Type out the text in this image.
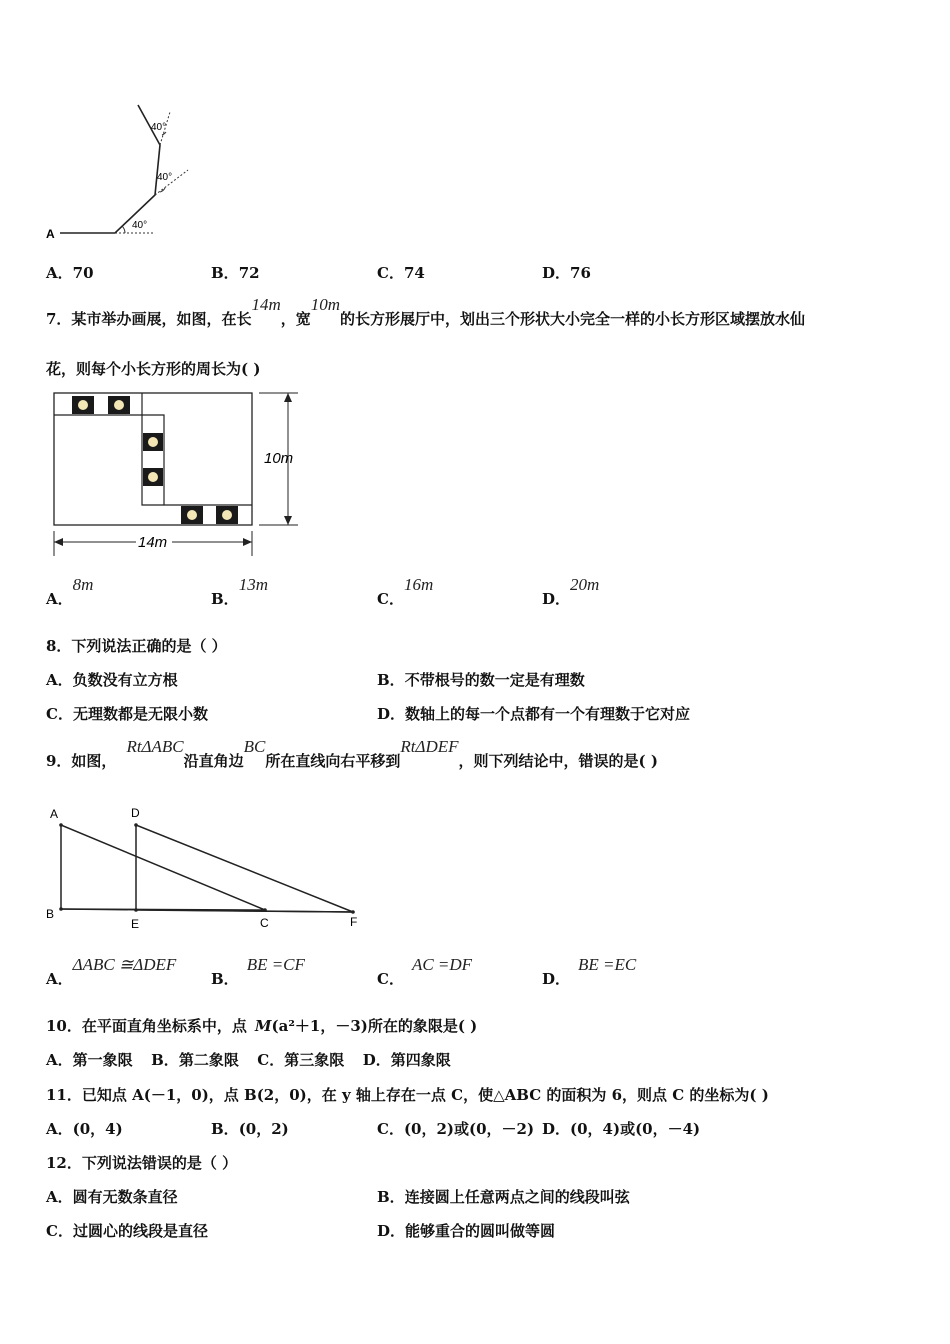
A
40°
40°
40°
A．70	B．72	C．74	D．76
7．某市举办画展，如图，在长14m，宽10m的长方形展厅中，划出三个形状大小完全一样的小长方形区域摆放水仙
花，则每个小长方形的周长为( )
10m
14m
A．8m
B．13m
C．16m
D．20m
8．下列说法正确的是（ ）
A．负数没有立方根	B．不带根号的数一定是有理数
C．无理数都是无限小数	D．数轴上的每一个点都有一个有理数于它对应
9．如图，RtΔABC沿直角边BC所在直线向右平移到RtΔDEF，则下列结论中，错误的是( )
A	D
B
E	C	F
A．ΔABC ≅ΔDEF
B．BE =CF
C．AC =DF
D．BE =EC
10．在平面直角坐标系中，点 M(a²＋1，－3)所在的象限是( )
A．第一象限 B．第二象限 C．第三象限 D．第四象限
11．已知点 A(－1，0)，点 B(2，0)，在 y 轴上存在一点 C，使△ABC 的面积为 6，则点 C 的坐标为( )
A．(0，4)	B．(0，2)	C．(0，2)或(0，－2) D．(0，4)或(0，－4)
12．下列说法错误的是（ ）
A．圆有无数条直径	B．连接圆上任意两点之间的线段叫弦
C．过圆心的线段是直径	D．能够重合的圆叫做等圆
